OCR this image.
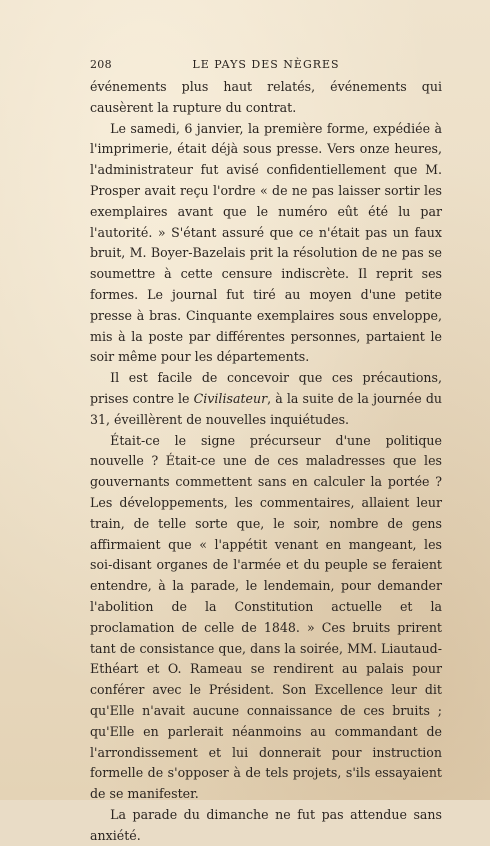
208	LE PAYS DES NÈGRES

événements plus haut relatés, événements qui causèrent la rupture du contrat.

Le samedi, 6 janvier, la première forme, expédiée à l'imprimerie, était déjà sous presse. Vers onze heures, l'administrateur fut avisé confidentiellement que M. Prosper avait reçu l'ordre « de ne pas laisser sortir les exemplaires avant que le numéro eût été lu par l'autorité. » S'étant assuré que ce n'était pas un faux bruit, M. Boyer-Bazelais prit la résolution de ne pas se soumettre à cette censure indiscrète. Il reprit ses formes. Le journal fut tiré au moyen d'une petite presse à bras. Cinquante exemplaires sous enveloppe, mis à la poste par différentes personnes, partaient le soir même pour les départements.

Il est facile de concevoir que ces précautions, prises contre le Civilisateur, à la suite de la journée du 31, éveillèrent de nouvelles inquiétudes.

Était-ce le signe précurseur d'une politique nouvelle ? Était-ce une de ces maladresses que les gouvernants commettent sans en calculer la portée ? Les développements, les commentaires, allaient leur train, de telle sorte que, le soir, nombre de gens affirmaient que « l'appétit venant en mangeant, les soi-disant organes de l'armée et du peuple se feraient entendre, à la parade, le lendemain, pour demander l'abolition de la Constitution actuelle et la proclamation de celle de 1848. » Ces bruits prirent tant de consistance que, dans la soirée, MM. Liautaud-Ethéart et O. Rameau se rendirent au palais pour conférer avec le Président. Son Excellence leur dit qu'Elle n'avait aucune connaissance de ces bruits ; qu'Elle en parlerait néanmoins au commandant de l'arrondissement et lui donnerait pour instruction formelle de s'opposer à de tels projets, s'ils essayaient de se manifester.

La parade du dimanche ne fut pas attendue sans anxiété.
